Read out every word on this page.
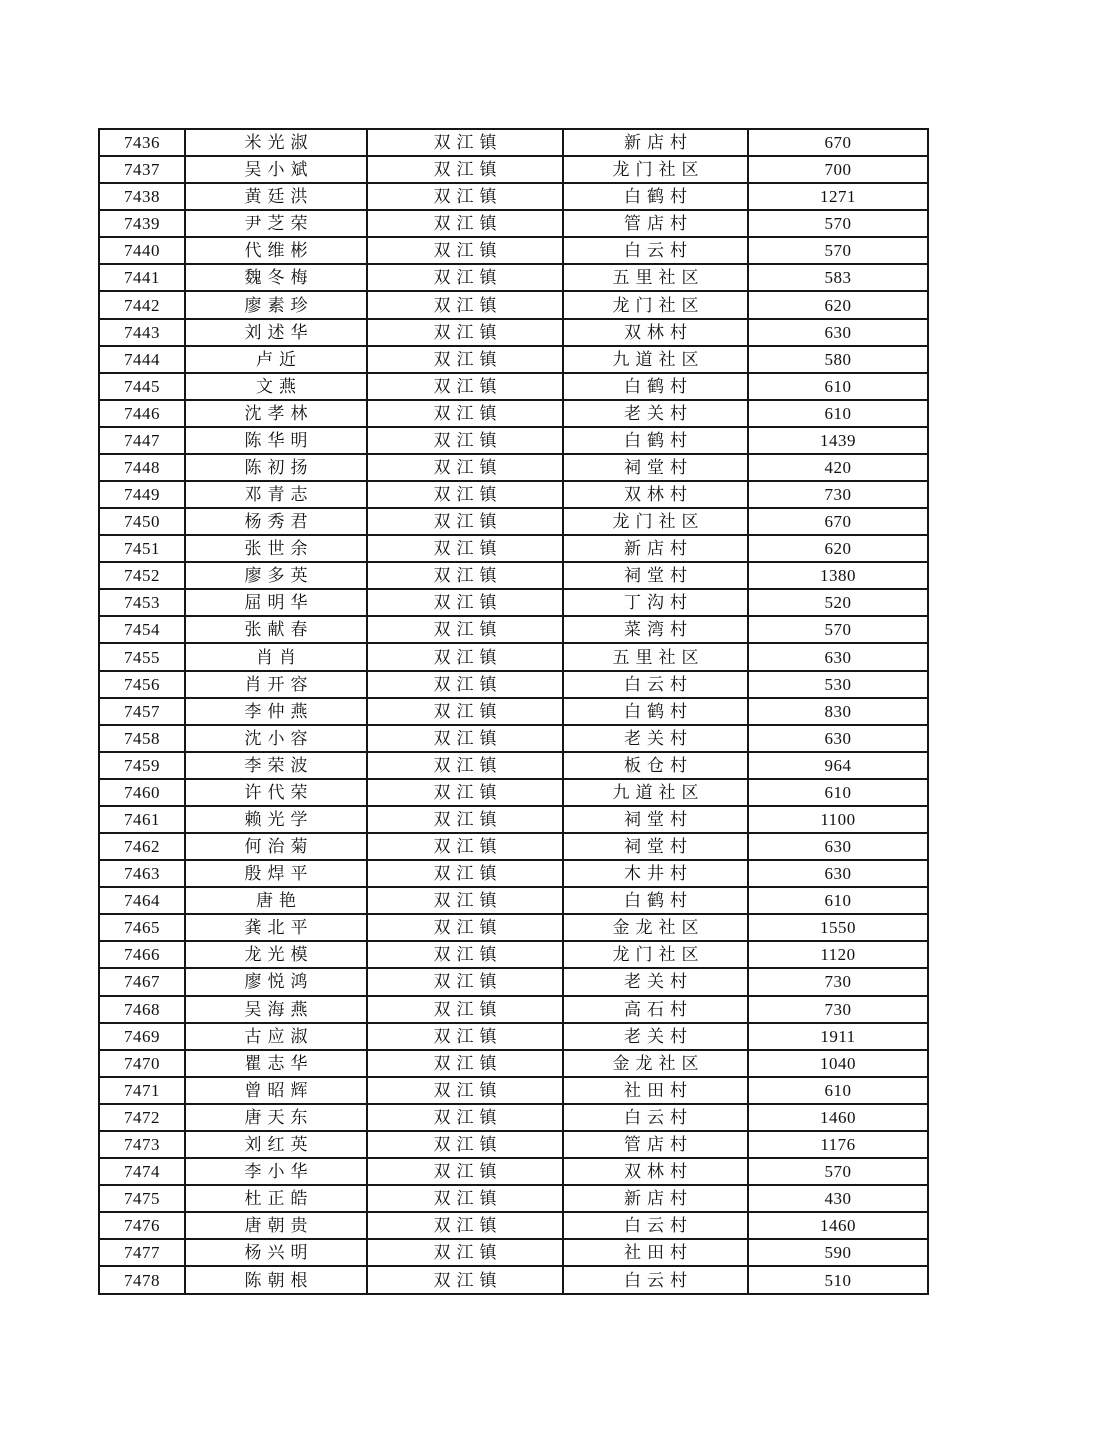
7436	米光淑	双江镇	新店村	670
7437	吴小斌	双江镇	龙门社区	700
7438	黄廷洪	双江镇	白鹤村	1271
7439	尹芝荣	双江镇	管店村	570
7440	代维彬	双江镇	白云村	570
7441	魏冬梅	双江镇	五里社区	583
7442	廖素珍	双江镇	龙门社区	620
7443	刘述华	双江镇	双林村	630
7444	卢近	双江镇	九道社区	580
7445	文燕	双江镇	白鹤村	610
7446	沈孝林	双江镇	老关村	610
7447	陈华明	双江镇	白鹤村	1439
7448	陈初扬	双江镇	祠堂村	420
7449	邓青志	双江镇	双林村	730
7450	杨秀君	双江镇	龙门社区	670
7451	张世余	双江镇	新店村	620
7452	廖多英	双江镇	祠堂村	1380
7453	屈明华	双江镇	丁沟村	520
7454	张献春	双江镇	菜湾村	570
7455	肖肖	双江镇	五里社区	630
7456	肖开容	双江镇	白云村	530
7457	李仲燕	双江镇	白鹤村	830
7458	沈小容	双江镇	老关村	630
7459	李荣波	双江镇	板仓村	964
7460	许代荣	双江镇	九道社区	610
7461	赖光学	双江镇	祠堂村	1100
7462	何治菊	双江镇	祠堂村	630
7463	殷焊平	双江镇	木井村	630
7464	唐艳	双江镇	白鹤村	610
7465	龚北平	双江镇	金龙社区	1550
7466	龙光模	双江镇	龙门社区	1120
7467	廖悦鸿	双江镇	老关村	730
7468	吴海燕	双江镇	高石村	730
7469	古应淑	双江镇	老关村	1911
7470	瞿志华	双江镇	金龙社区	1040
7471	曾昭辉	双江镇	社田村	610
7472	唐天东	双江镇	白云村	1460
7473	刘红英	双江镇	管店村	1176
7474	李小华	双江镇	双林村	570
7475	杜正皓	双江镇	新店村	430
7476	唐朝贵	双江镇	白云村	1460
7477	杨兴明	双江镇	社田村	590
7478	陈朝根	双江镇	白云村	510
